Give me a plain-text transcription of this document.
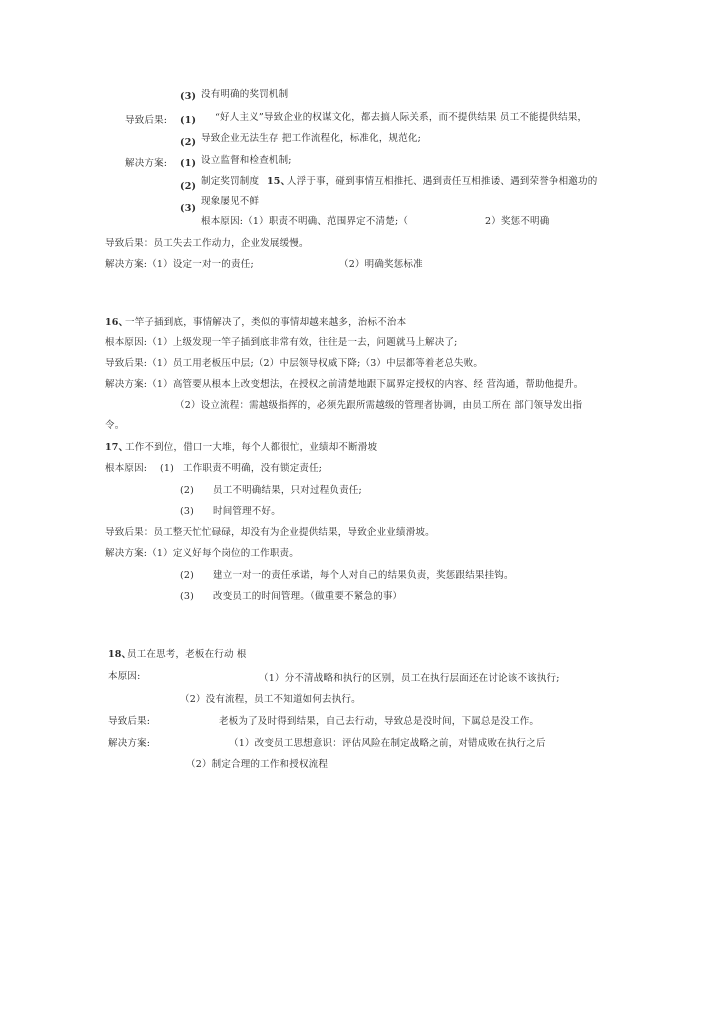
(3) 没有明确的奖罚机制
导致后果: (1) “好人主义”导致企业的权谋文化，都去搞人际关系，而不提供结果 员工不能提供结果，
(2) 导致企业无法生存 把工作流程化，标准化，规范化;
解决方案: (1) 设立监督和检查机制;
(2) 制定奖罚制度 15、
人浮于事，碰到事情互相推托、遇到责任互相推诿、遇到荣誉争相邀功的
(3)
现象屡见不鲜
根本原因:（1）职责不明确、范围界定不清楚;（	2）奖惩不明确
导致后果：员工失去工作动力，企业发展缓慢。
解决方案:（1）设定一对一的责任;	（2）明确奖惩标准
16、
一竿子插到底，事情解决了，类似的事情却越来越多，治标不治本
根本原因:（1）上级发现一竿子插到底非常有效，往往是一去，问题就马上解决了;
导致后果:（1）员工用老板压中层;（2）中层领导权威下降;（3）中层都等着老总失败。
解决方案:（1）高管要从根本上改变想法，在授权之前清楚地跟下属界定授权的内容、经 营沟通，帮助他提升。
（2）设立流程：需越级指挥的，必须先跟所需越级的管理者协调，由员工所在 部门领导发出指
令。
17、
工作不到位，借口一大堆，每个人都很忙，业绩却不断滑坡
根本原因: (1) 工作职责不明确，没有锁定责任;
(2) 员工不明确结果，只对过程负责任;
(3) 时间管理不好。
导致后果：员工整天忙忙碌碌，却没有为企业提供结果，导致企业业绩滑坡。
解决方案:（1）定义好每个岗位的工作职责。
(2) 建立一对一的责任承诺，每个人对自己的结果负责，奖惩跟结果挂钩。
(3) 改变员工的时间管理。（做重要不紧急的事）
18、
员工在思考，老板在行动 根
本原因:	（1）分不清战略和执行的区别，员工在执行层面还在讨论该不该执行;
（2）没有流程，员工不知道如何去执行。
导致后果:	老板为了及时得到结果，自己去行动，导致总是没时间，下属总是没工作。
解决方案:	（1）改变员工思想意识：评估风险在制定战略之前，对错成败在执行之后
（2）制定合理的工作和授权流程
